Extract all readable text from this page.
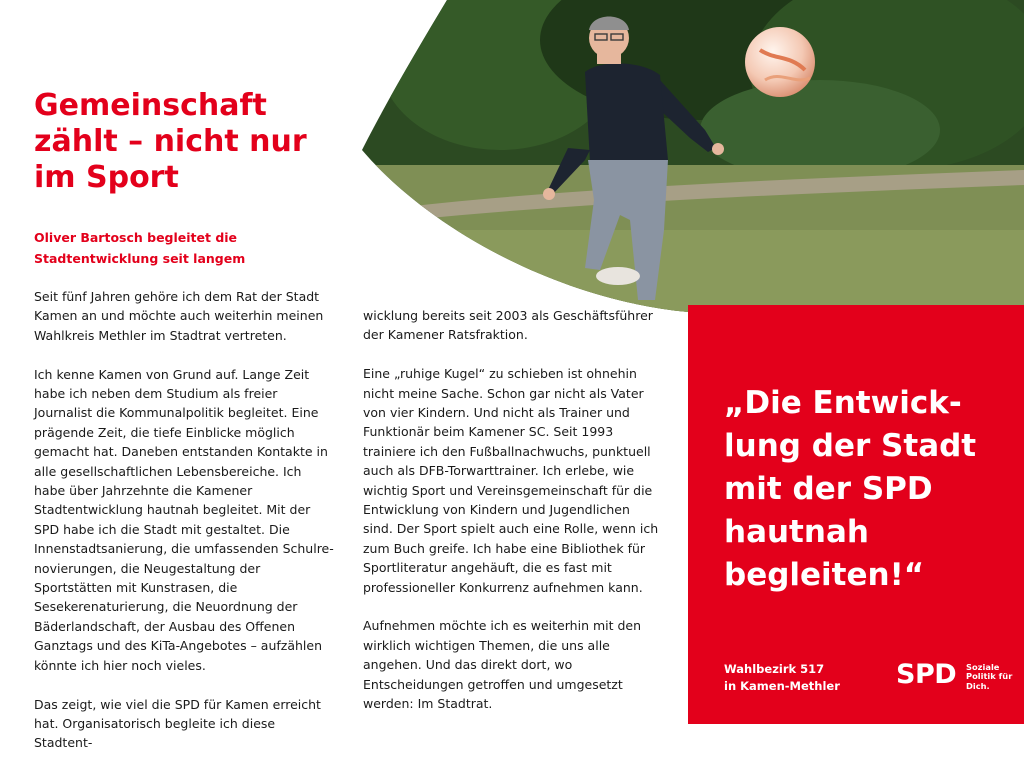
Gemeinschaft zählt – nicht nur im Sport
Oliver Bartosch begleitet die Stadtentwicklung seit langem

Seit fünf Jahren gehöre ich dem Rat der Stadt Kamen an und möchte auch weiterhin meinen Wahlkreis Methler im Stadtrat vertreten.

Ich kenne Kamen von Grund auf. Lange Zeit habe ich neben dem Studium als freier Journalist die Kommunalpolitik begleitet. Eine prägende Zeit, die tiefe Einblicke möglich gemacht hat. Daneben entstanden Kontakte in alle gesellschaftlichen Lebensbereiche. Ich habe über Jahrzehnte die Kamener Stadtentwicklung hautnah begleitet. Mit der SPD habe ich die Stadt mit gestaltet. Die Innenstadtsanierung, die umfassenden Schulrenovierungen, die Neugestaltung der Sportstätten mit Kunstrasen, die Sesekerenaturierung, die Neuordnung der Bäderlandschaft, der Ausbau des Offenen Ganztags und des KiTa-Angebotes – aufzählen könnte ich hier noch vieles.

Das zeigt, wie viel die SPD für Kamen erreicht hat. Organisatorisch begleite ich diese Stadtent-

wicklung bereits seit 2003 als Geschäftsführer der Kamener Ratsfraktion.

Eine „ruhige Kugel“ zu schieben ist ohnehin nicht meine Sache. Schon gar nicht als Vater von vier Kindern. Und nicht als Trainer und Funktionär beim Kamener SC. Seit 1993 trainiere ich den Fußballnachwuchs, punktuell auch als DFB-Torwarttrainer. Ich erlebe, wie wichtig Sport und Vereinsgemeinschaft für die Entwicklung von Kindern und Jugendlichen sind. Der Sport spielt auch eine Rolle, wenn ich zum Buch greife. Ich habe eine Bibliothek für Sportliteratur angehäuft, die es fast mit professioneller Konkurrenz aufnehmen kann.

Aufnehmen möchte ich es weiterhin mit den wirklich wichtigen Themen, die uns alle angehen. Und das direkt dort, wo Entscheidungen getroffen und umgesetzt werden: Im Stadtrat.

„Die Entwicklung der Stadt mit der SPD hautnah begleiten!“

Wahlbezirk 517
in Kamen-Methler SPD Soziale
Politik für
Dich.
